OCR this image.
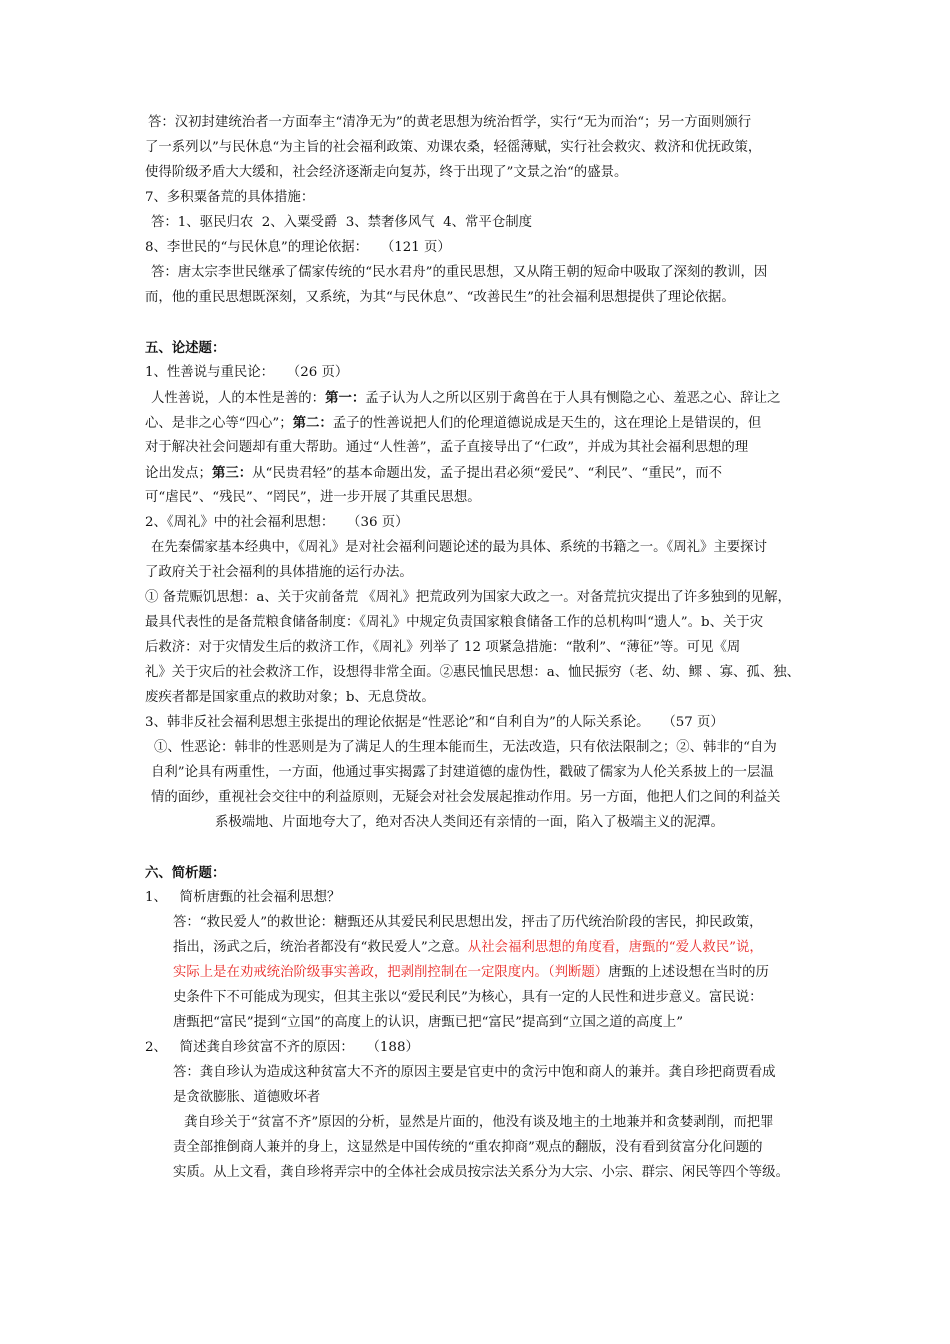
答：汉初封建统治者一方面奉主“清净无为”的黄老思想为统治哲学，实行“无为而治“；另一方面则颁行
了一系列以”与民休息“为主旨的社会福利政策、劝课农桑，轻徭薄赋，实行社会救灾、救济和优抚政策，
使得阶级矛盾大大缓和，社会经济逐渐走向复苏，终于出现了”文景之治“的盛景。
7、多积粟备荒的具体措施：
答：1、驱民归农  2、入粟受爵  3、禁奢侈风气  4、常平仓制度
8、李世民的“与民休息”的理论依据：   （121 页）
答：唐太宗李世民继承了儒家传统的“民水君舟”的重民思想，又从隋王朝的短命中吸取了深刻的教训，因
而，他的重民思想既深刻，又系统，为其“与民休息”、“改善民生”的社会福利思想提供了理论依据。
五、论述题：
1、性善说与重民论：   （26 页）
人性善说，人的本性是善的：第一：孟子认为人之所以区别于禽兽在于人具有恻隐之心、羞恶之心、辞让之
心、是非之心等“四心”；第二：孟子的性善说把人们的伦理道德说成是天生的，这在理论上是错误的，但
对于解决社会问题却有重大帮助。通过“人性善”，孟子直接导出了“仁政”，并成为其社会福利思想的理
论出发点；第三：从“民贵君轻”的基本命题出发，孟子提出君必须“爱民”、“利民”、“重民”，而不
可“虐民”、“残民”、“罔民”，进一步开展了其重民思想。
2、《周礼》中的社会福利思想：   （36 页）
在先秦儒家基本经典中，《周礼》是对社会福利问题论述的最为具体、系统的书籍之一。《周礼》主要探讨
了政府关于社会福利的具体措施的运行办法。
① 备荒赈饥思想：a、关于灾前备荒 《周礼》把荒政列为国家大政之一。对备荒抗灾提出了许多独到的见解，
最具代表性的是备荒粮食储备制度：《周礼》中规定负责国家粮食储备工作的总机构叫“遗人”。b、关于灾
后救济：对于灾情发生后的救济工作，《周礼》列举了 12 项紧急措施：“散利”、“薄征”等。可见《周
礼》关于灾后的社会救济工作，设想得非常全面。②惠民恤民思想：a、恤民振穷（老、幼、鳏 、寡、孤、独、
废疾者都是国家重点的救助对象；b、无息贷故。
3、韩非反社会福利思想主张提出的理论依据是“性恶论”和“自利自为”的人际关系论。   （57 页）
①、性恶论：韩非的性恶则是为了满足人的生理本能而生，无法改造，只有依法限制之；②、韩非的“自为
自利”论具有两重性，一方面，他通过事实揭露了封建道德的虚伪性，戳破了儒家为人伦关系披上的一层温
情的面纱，重视社会交往中的利益原则，无疑会对社会发展起推动作用。另一方面，他把人们之间的利益关
系极端地、片面地夸大了，绝对否决人类间还有亲情的一面，陷入了极端主义的泥潭。
六、简析题：
1、   简析唐甄的社会福利思想？
答：“救民爱人”的救世论：糖甄还从其爱民利民思想出发，抨击了历代统治阶段的害民，抑民政策，
指出，汤武之后，统治者都没有“救民爱人”之意。从社会福利思想的角度看，唐甄的“爱人救民”说，
实际上是在劝戒统治阶级事实善政，把剥削控制在一定限度内。（判断题）唐甄的上述设想在当时的历
史条件下不可能成为现实，但其主张以“爱民利民”为核心，具有一定的人民性和进步意义。富民说：
唐甄把“富民”提到“立国”的高度上的认识，唐甄已把“富民”提高到“立国之道的高度上”
2、   简述龚自珍贫富不齐的原因：   （188）
答：龚自珍认为造成这种贫富大不齐的原因主要是官吏中的贪污中饱和商人的兼并。龚自珍把商贾看成
是贪欲膨胀、道德败坏者
龚自珍关于“贫富不齐”原因的分析，显然是片面的，他没有谈及地主的土地兼并和贪婪剥削，而把罪
责全部推倒商人兼并的身上，这显然是中国传统的“重农抑商”观点的翻版，没有看到贫富分化问题的
实质。从上文看，龚自珍将弄宗中的全体社会成员按宗法关系分为大宗、小宗、群宗、闲民等四个等级。
